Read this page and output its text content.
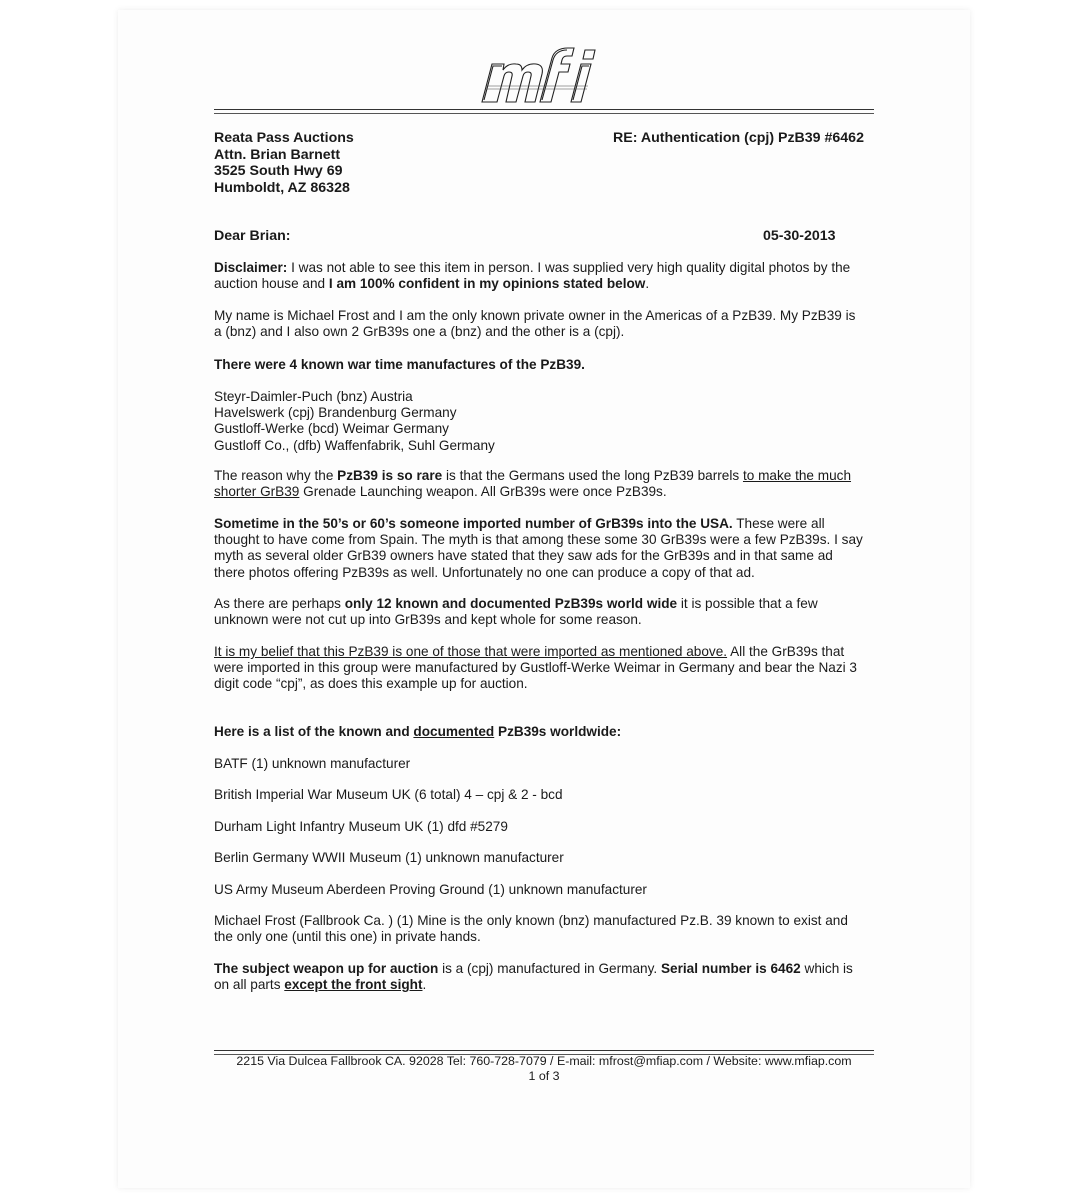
mfi
Reata Pass Auctions
Attn. Brian Barnett
3525 South Hwy 69
Humboldt, AZ 86328
RE: Authentication (cpj) PzB39 #6462
Dear Brian:	05-30-2013
Disclaimer: I was not able to see this item in person. I was supplied very high quality digital photos by the
auction house and I am 100% confident in my opinions stated below.
My name is Michael Frost and I am the only known private owner in the Americas of a PzB39. My PzB39 is
a (bnz) and I also own 2 GrB39s one a (bnz) and the other is a (cpj).
There were 4 known war time manufactures of the PzB39.
Steyr-Daimler-Puch (bnz) Austria
Havelswerk (cpj) Brandenburg Germany
Gustloff-Werke (bcd) Weimar Germany
Gustloff Co., (dfb) Waffenfabrik, Suhl Germany
The reason why the PzB39 is so rare is that the Germans used the long PzB39 barrels to make the much
shorter GrB39 Grenade Launching weapon. All GrB39s were once PzB39s.
Sometime in the 50’s or 60’s someone imported number of GrB39s into the USA. These were all
thought to have come from Spain. The myth is that among these some 30 GrB39s were a few PzB39s. I say
myth as several older GrB39 owners have stated that they saw ads for the GrB39s and in that same ad
there photos offering PzB39s as well. Unfortunately no one can produce a copy of that ad.
As there are perhaps only 12 known and documented PzB39s world wide it is possible that a few
unknown were not cut up into GrB39s and kept whole for some reason.
It is my belief that this PzB39 is one of those that were imported as mentioned above. All the GrB39s that
were imported in this group were manufactured by Gustloff-Werke Weimar in Germany and bear the Nazi 3
digit code “cpj”, as does this example up for auction.
Here is a list of the known and documented PzB39s worldwide:
BATF (1) unknown manufacturer
British Imperial War Museum UK (6 total) 4 – cpj & 2 - bcd
Durham Light Infantry Museum UK (1) dfd #5279
Berlin Germany WWII Museum (1) unknown manufacturer
US Army Museum Aberdeen Proving Ground (1) unknown manufacturer
Michael Frost (Fallbrook Ca. ) (1) Mine is the only known (bnz) manufactured Pz.B. 39 known to exist and
the only one (until this one) in private hands.
The subject weapon up for auction is a (cpj) manufactured in Germany. Serial number is 6462 which is
on all parts except the front sight.
2215 Via Dulcea Fallbrook CA. 92028 Tel: 760-728-7079 / E-mail: mfrost@mfiap.com / Website: www.mfiap.com
1 of 3
